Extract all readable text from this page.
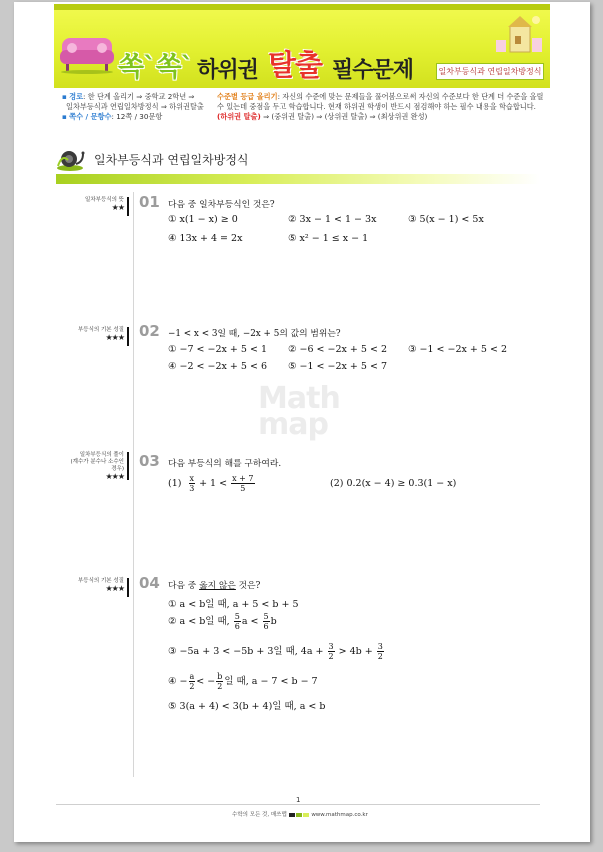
쏙`쏙` 하위권 탈출 필수문제	일차부등식과 연립일차방정식
▪ 경로: 한 단계 올리기 ⇒ 중학교 2학년 ⇒
일차부등식과 연립일차방정식 ⇒ 하위권탈출
▪ 쪽수 / 문항수: 12쪽 / 30문항
수준별 등급 올리기: 자신의 수준에 맞는 문제들을 풀어봄으로써 자신의 수준보다 한 단계 더 수준을 올릴
수 있는데 중점을 두고 학습합니다. 현재 하위권 학생이 반드시 점검해야 하는 필수 내용을 학습합니다.
(하위권 탈출) ⇒ (중위권 탈출) ⇒ (상위권 탈출) ⇒ (최상위권 완성)
일차부등식과 연립일차방정식
Math
map
일차부등식의 뜻
★★ 01 다음 중 일차부등식인 것은?
① x(1 − x) ≥ 0	② 3x − 1 < 1 − 3x	③ 5(x − 1) < 5x
④ 13x + 4 = 2x	⑤ x² − 1 ≤ x − 1
부등식의 기본 성질
★★★ 02 −1 < x < 3일 때, −2x + 5의 값의 범위는?
① −7 < −2x + 5 < 1 ② −6 < −2x + 5 < 2 ③ −1 < −2x + 5 < 2
④ −2 < −2x + 5 < 6 ⑤ −1 < −2x + 5 < 7
일차부등식의 풀이
(계수가 분수나 소수인
경우)
★★★
03 다음 부등식의 해를 구하여라.
$(1) \frac{x}{3} + 1 < \frac{x + 7}{5}$	(2) 0.2(x − 4) ≥ 0.3(1 − x)
부등식의 기본 성질
★★★ 04 다음 중 옳지 않은 것은?
① a < b일 때, a + 5 < b + 5
② a < b일 때, $\frac{5}{6}$ $a < \frac{5}{6}$ b
③ −5a + 3 < −5b + 3일 때, $4a + \frac{3}{2} > 4b + \frac{3}{2}$
④ − $\frac{a}{2}$ < − $\frac{b}{2}$ 일 때, a − 7 < b − 7
⑤ 3(a + 4) < 3(b + 4)일 때, a < b
1
수학의 모든 것, 매쓰맵	www.mathmap.co.kr
